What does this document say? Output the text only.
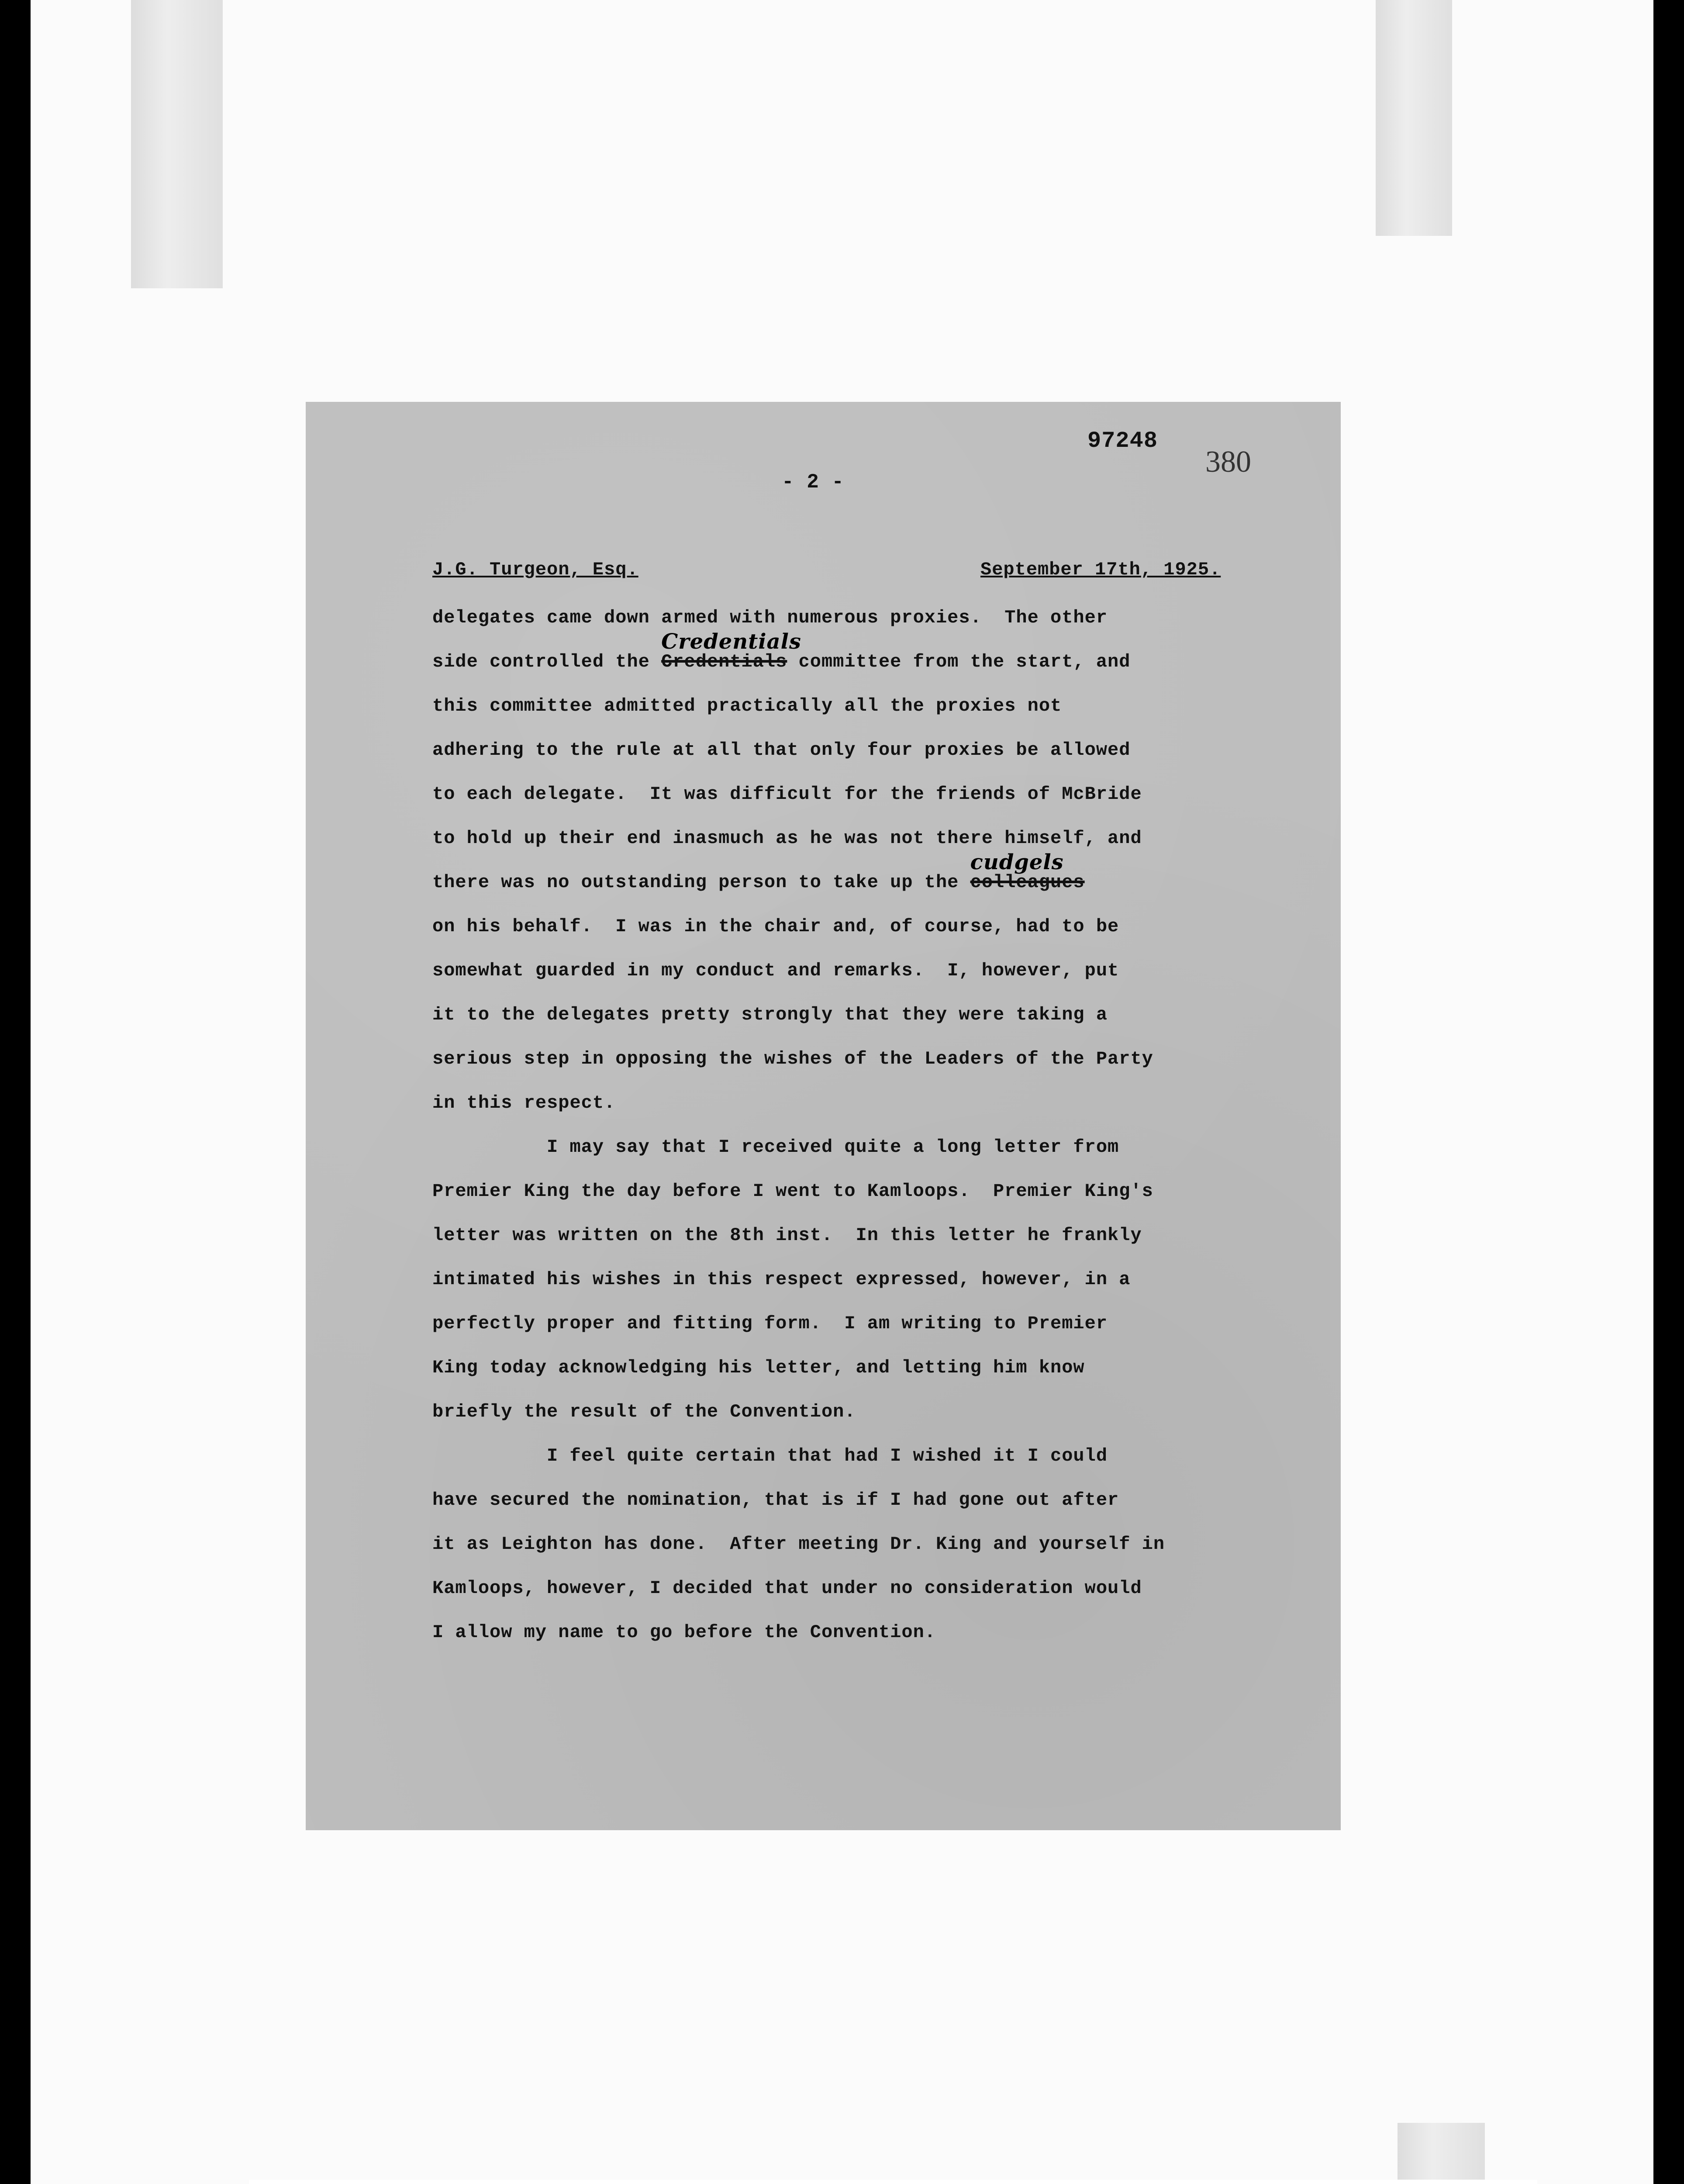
97248
380
- 2 -
J.G. Turgeon, Esq.	September 17th, 1925.
delegates came down armed with numerous proxies.  The other
side controlled the Credentials
Credentials
committee from the start, and
this committee admitted practically all the proxies not
adhering to the rule at all that only four proxies be allowed
to each delegate.  It was difficult for the friends of McBride
to hold up their end inasmuch as he was not there himself, and
there was no outstanding person to take up the colleagues
cudgels
on his behalf.  I was in the chair and, of course, had to be
somewhat guarded in my conduct and remarks.  I, however, put
it to the delegates pretty strongly that they were taking a
serious step in opposing the wishes of the Leaders of the Party
in this respect.
I may say that I received quite a long letter from
Premier King the day before I went to Kamloops.  Premier King's
letter was written on the 8th inst.  In this letter he frankly
intimated his wishes in this respect expressed, however, in a
perfectly proper and fitting form.  I am writing to Premier
King today acknowledging his letter, and letting him know
briefly the result of the Convention.
I feel quite certain that had I wished it I could
have secured the nomination, that is if I had gone out after
it as Leighton has done.  After meeting Dr. King and yourself in
Kamloops, however, I decided that under no consideration would
I allow my name to go before the Convention.
